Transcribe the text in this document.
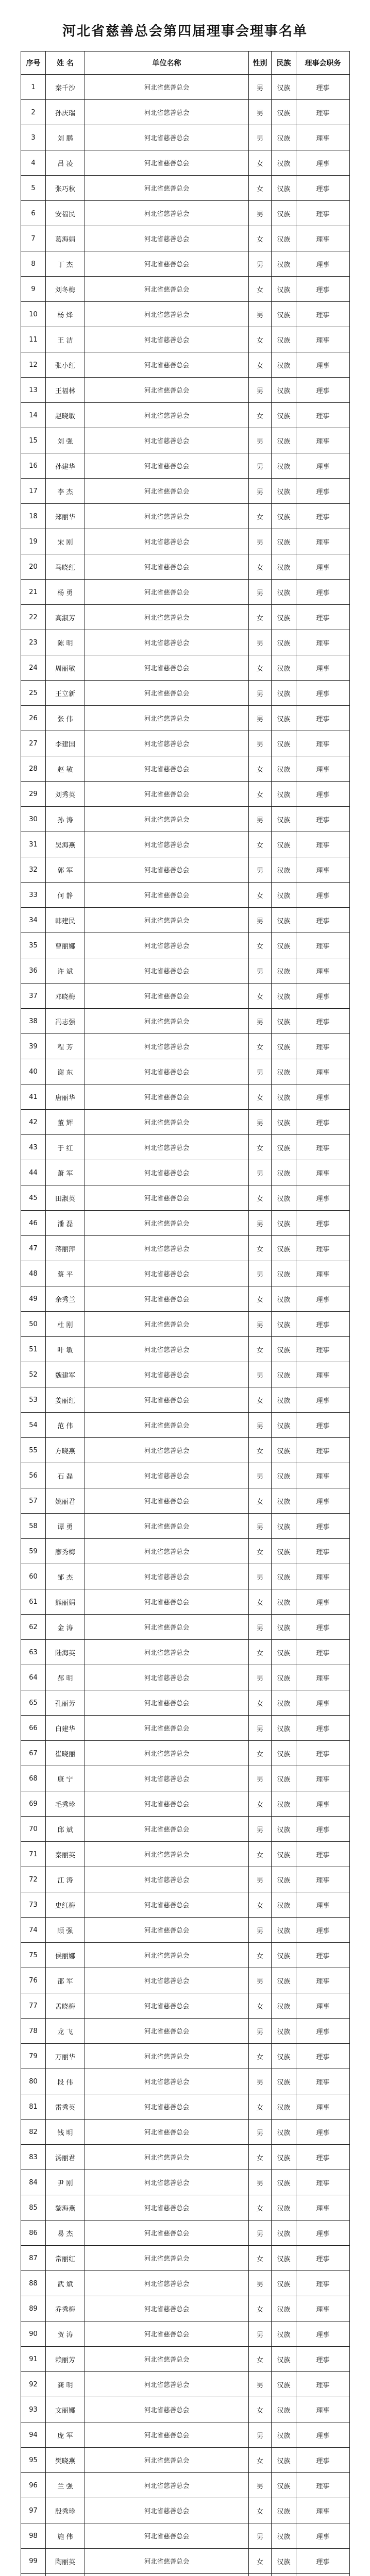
河北省慈善总会第四届理事会理事名单
序号	姓 名	单位名称	性别	民族	理事会职务
1	秦千沙	河北省慈善总会	男	汉族	理事
2	孙庆瑞	河北省慈善总会	男	汉族	理事
3	刘 鹏	河北省慈善总会	男	汉族	理事
4	吕 凌	河北省慈善总会	女	汉族	理事
5	张巧秋	河北省慈善总会	女	汉族	理事
6	安福民	河北省慈善总会	男	汉族	理事
7	葛海娟	河北省慈善总会	女	汉族	理事
8	丁 杰	河北省慈善总会	男	汉族	理事
9	刘冬梅	河北省慈善总会	女	汉族	理事
10	杨 烽	河北省慈善总会	男	汉族	理事
11	王 洁	河北省慈善总会	女	汉族	理事
12	张小红	河北省慈善总会	女	汉族	理事
13	王福林	河北省慈善总会	男	汉族	理事
14	赵晓敏	河北省慈善总会	女	汉族	理事
15	刘 强	河北省慈善总会	男	汉族	理事
16	孙建华	河北省慈善总会	男	汉族	理事
17	李 杰	河北省慈善总会	男	汉族	理事
18	郑丽华	河北省慈善总会	女	汉族	理事
19	宋 刚	河北省慈善总会	男	汉族	理事
20	马晓红	河北省慈善总会	女	汉族	理事
21	杨 勇	河北省慈善总会	男	汉族	理事
22	高淑芳	河北省慈善总会	女	汉族	理事
23	陈 明	河北省慈善总会	男	汉族	理事
24	周丽敏	河北省慈善总会	女	汉族	理事
25	王立新	河北省慈善总会	男	汉族	理事
26	张 伟	河北省慈善总会	男	汉族	理事
27	李建国	河北省慈善总会	男	汉族	理事
28	赵 敏	河北省慈善总会	女	汉族	理事
29	刘秀英	河北省慈善总会	女	汉族	理事
30	孙 涛	河北省慈善总会	男	汉族	理事
31	吴海燕	河北省慈善总会	女	汉族	理事
32	郭 军	河北省慈善总会	男	汉族	理事
33	何 静	河北省慈善总会	女	汉族	理事
34	韩建民	河北省慈善总会	男	汉族	理事
35	曹丽娜	河北省慈善总会	女	汉族	理事
36	许 斌	河北省慈善总会	男	汉族	理事
37	邓晓梅	河北省慈善总会	女	汉族	理事
38	冯志强	河北省慈善总会	男	汉族	理事
39	程 芳	河北省慈善总会	女	汉族	理事
40	谢 东	河北省慈善总会	男	汉族	理事
41	唐丽华	河北省慈善总会	女	汉族	理事
42	董 辉	河北省慈善总会	男	汉族	理事
43	于 红	河北省慈善总会	女	汉族	理事
44	萧 军	河北省慈善总会	男	汉族	理事
45	田淑英	河北省慈善总会	女	汉族	理事
46	潘 磊	河北省慈善总会	男	汉族	理事
47	蒋丽萍	河北省慈善总会	女	汉族	理事
48	蔡 平	河北省慈善总会	男	汉族	理事
49	余秀兰	河北省慈善总会	女	汉族	理事
50	杜 刚	河北省慈善总会	男	汉族	理事
51	叶 敏	河北省慈善总会	女	汉族	理事
52	魏建军	河北省慈善总会	男	汉族	理事
53	姜丽红	河北省慈善总会	女	汉族	理事
54	范 伟	河北省慈善总会	男	汉族	理事
55	方晓燕	河北省慈善总会	女	汉族	理事
56	石 磊	河北省慈善总会	男	汉族	理事
57	姚丽君	河北省慈善总会	女	汉族	理事
58	谭 勇	河北省慈善总会	男	汉族	理事
59	廖秀梅	河北省慈善总会	女	汉族	理事
60	邹 杰	河北省慈善总会	男	汉族	理事
61	熊丽娟	河北省慈善总会	女	汉族	理事
62	金 涛	河北省慈善总会	男	汉族	理事
63	陆海英	河北省慈善总会	女	汉族	理事
64	郝 明	河北省慈善总会	男	汉族	理事
65	孔丽芳	河北省慈善总会	女	汉族	理事
66	白建华	河北省慈善总会	男	汉族	理事
67	崔晓丽	河北省慈善总会	女	汉族	理事
68	康 宁	河北省慈善总会	男	汉族	理事
69	毛秀珍	河北省慈善总会	女	汉族	理事
70	邱 斌	河北省慈善总会	男	汉族	理事
71	秦丽英	河北省慈善总会	女	汉族	理事
72	江 涛	河北省慈善总会	男	汉族	理事
73	史红梅	河北省慈善总会	女	汉族	理事
74	顾 强	河北省慈善总会	男	汉族	理事
75	侯丽娜	河北省慈善总会	女	汉族	理事
76	邵 军	河北省慈善总会	男	汉族	理事
77	孟晓梅	河北省慈善总会	女	汉族	理事
78	龙 飞	河北省慈善总会	男	汉族	理事
79	万丽华	河北省慈善总会	女	汉族	理事
80	段 伟	河北省慈善总会	男	汉族	理事
81	雷秀英	河北省慈善总会	女	汉族	理事
82	钱 明	河北省慈善总会	男	汉族	理事
83	汤丽君	河北省慈善总会	女	汉族	理事
84	尹 刚	河北省慈善总会	男	汉族	理事
85	黎海燕	河北省慈善总会	女	汉族	理事
86	易 杰	河北省慈善总会	男	汉族	理事
87	常丽红	河北省慈善总会	女	汉族	理事
88	武 斌	河北省慈善总会	男	汉族	理事
89	乔秀梅	河北省慈善总会	女	汉族	理事
90	贺 涛	河北省慈善总会	男	汉族	理事
91	赖丽芳	河北省慈善总会	女	汉族	理事
92	龚 明	河北省慈善总会	男	汉族	理事
93	文丽娜	河北省慈善总会	女	汉族	理事
94	庞 军	河北省慈善总会	男	汉族	理事
95	樊晓燕	河北省慈善总会	女	汉族	理事
96	兰 强	河北省慈善总会	男	汉族	理事
97	殷秀珍	河北省慈善总会	女	汉族	理事
98	施 伟	河北省慈善总会	男	汉族	理事
99	陶丽英	河北省慈善总会	女	汉族	理事
